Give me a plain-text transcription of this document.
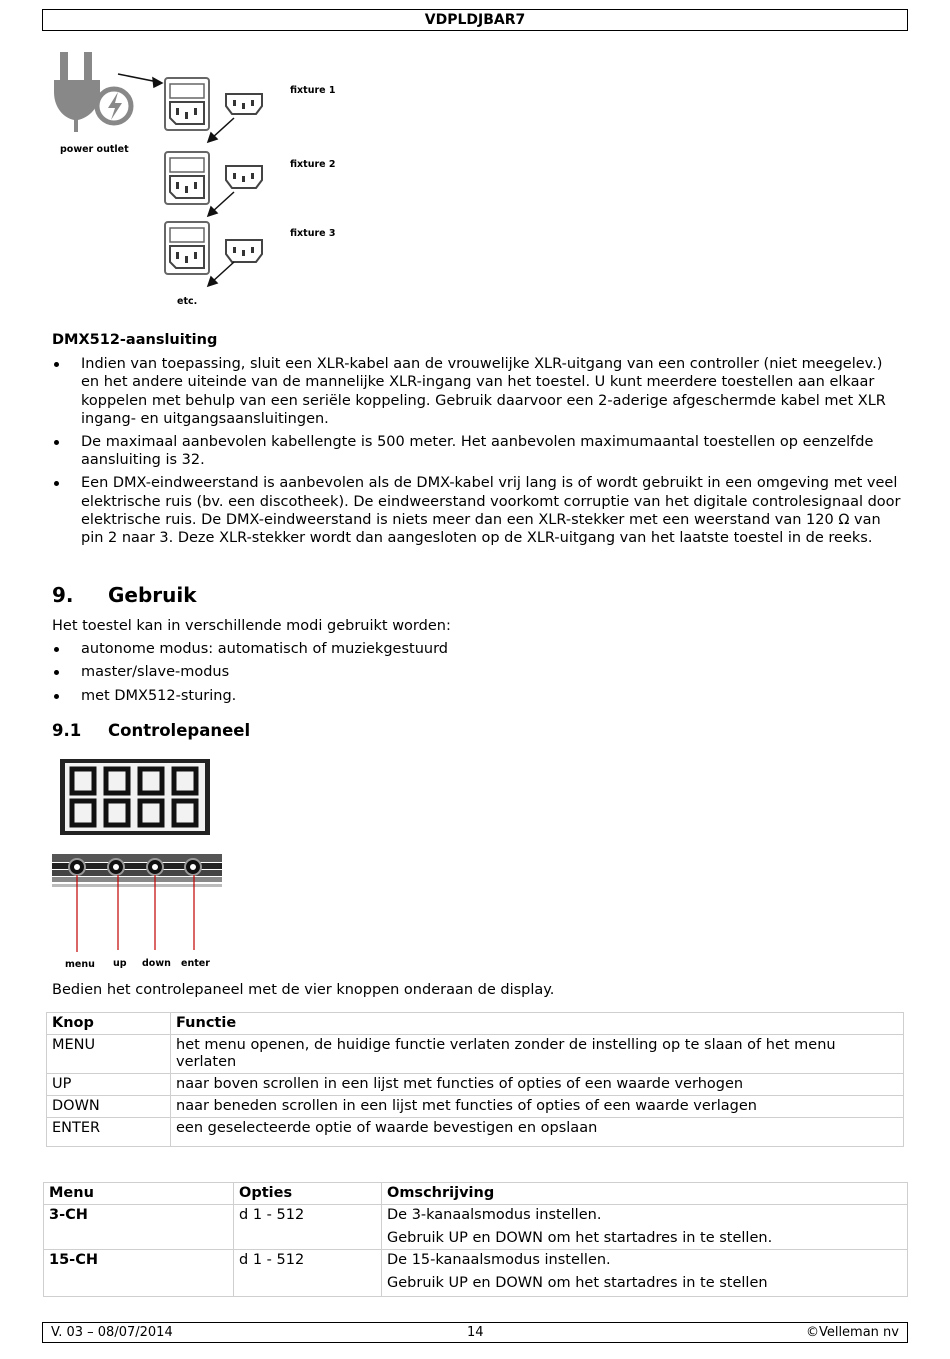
VDPLDJBAR7
power outlet
fixture 1
fixture 2
fixture 3
etc.
DMX512-aansluiting
Indien van toepassing, sluit een XLR-kabel aan de vrouwelijke XLR-uitgang van een controller (niet meegelev.) en het andere uiteinde van de mannelijke XLR-ingang van het toestel. U kunt meerdere toestellen aan elkaar koppelen met behulp van een seriële koppeling. Gebruik daarvoor een 2-aderige afgeschermde kabel met XLR ingang- en uitgangsaansluitingen.
De maximaal aanbevolen kabellengte is 500 meter. Het aanbevolen maximumaantal toestellen op eenzelfde aansluiting is 32.
Een DMX-eindweerstand is aanbevolen als de DMX-kabel vrij lang is of wordt gebruikt in een omgeving met veel elektrische ruis (bv. een discotheek). De eindweerstand voorkomt corruptie van het digitale controlesignaal door elektrische ruis. De DMX-eindweerstand is niets meer dan een XLR-stekker met een weerstand van 120 Ω van pin 2 naar 3. Deze XLR-stekker wordt dan aangesloten op de XLR-uitgang van het laatste toestel in de reeks.
9. Gebruik
Het toestel kan in verschillende modi gebruikt worden:
autonome modus: automatisch of muziekgestuurd
master/slave-modus
met DMX512-sturing.
9.1 Controlepaneel
menu up down enter
Bedien het controlepaneel met de vier knoppen onderaan de display.
Knop	Functie
MENU	het menu openen, de huidige functie verlaten zonder de instelling op te slaan of het menu verlaten
UP	naar boven scrollen in een lijst met functies of opties of een waarde verhogen
DOWN	naar beneden scrollen in een lijst met functies of opties of een waarde verlagen
ENTER	een geselecteerde optie of waarde bevestigen en opslaan
Menu	Opties	Omschrijving
3-CH	d 1 - 512	De 3-kanaalsmodus instellen.
Gebruik UP en DOWN om het startadres in te stellen.

15-CH	d 1 - 512	De 15-kanaalsmodus instellen.
Gebruik UP en DOWN om het startadres in te stellen
V. 03 – 08/07/2014	14	©Velleman nv
